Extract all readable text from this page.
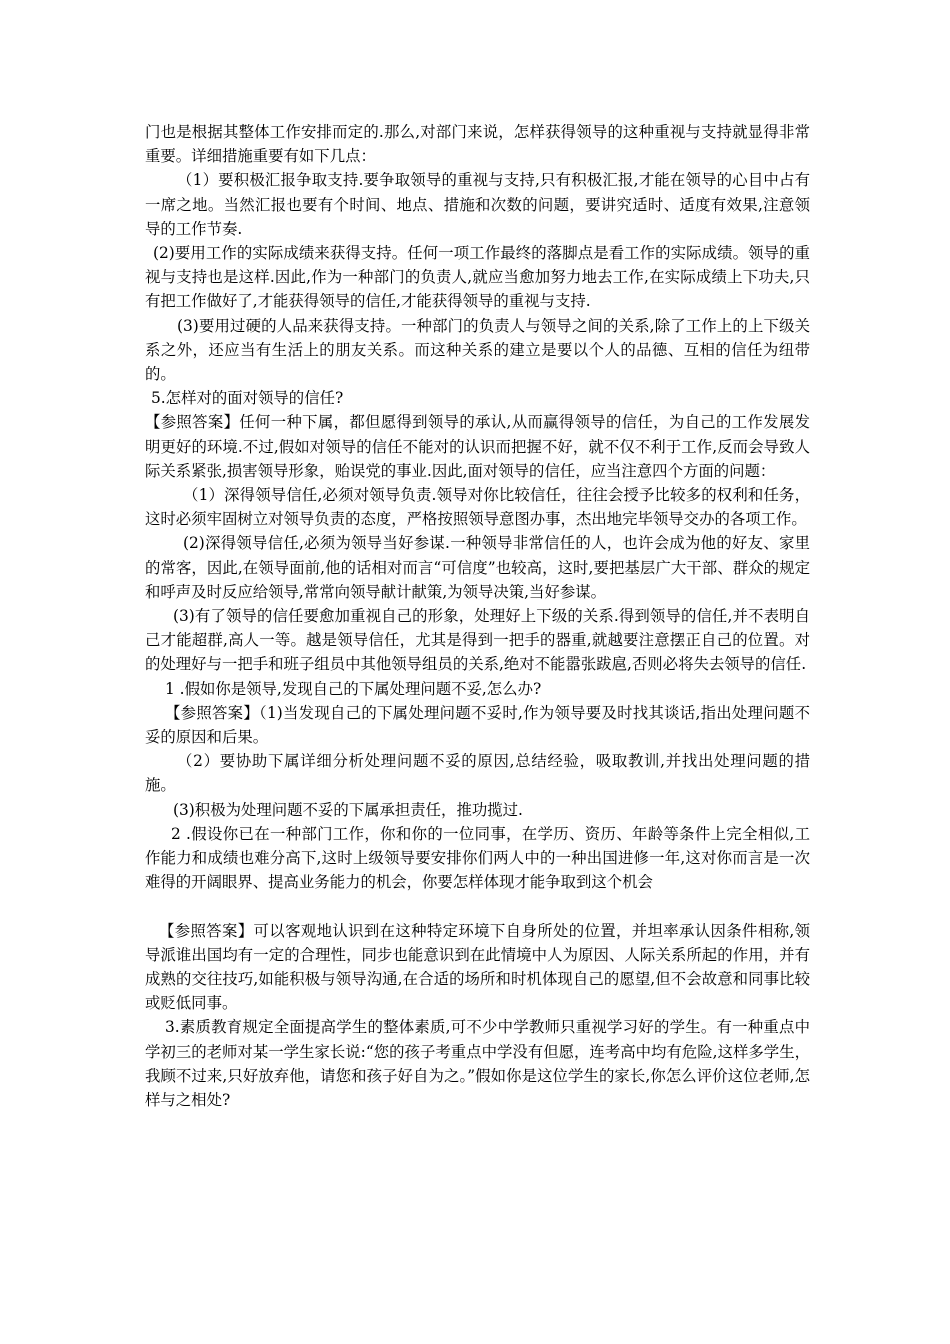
门也是根据其整体工作安排而定的.那么,对部门来说，怎样获得领导的这种重视与支持就显得非常重要。详细措施重要有如下几点：

（1）要积极汇报争取支持.要争取领导的重视与支持,只有积极汇报,才能在领导的心目中占有一席之地。当然汇报也要有个时间、地点、措施和次数的问题，要讲究适时、适度有效果,注意领导的工作节奏.

(2)要用工作的实际成绩来获得支持。任何一项工作最终的落脚点是看工作的实际成绩。领导的重视与支持也是这样.因此,作为一种部门的负责人,就应当愈加努力地去工作,在实际成绩上下功夫,只有把工作做好了,才能获得领导的信任,才能获得领导的重视与支持.

(3)要用过硬的人品来获得支持。一种部门的负责人与领导之间的关系,除了工作上的上下级关系之外，还应当有生活上的朋友关系。而这种关系的建立是要以个人的品德、互相的信任为纽带的。

5.怎样对的面对领导的信任?

【参照答案】任何一种下属，都但愿得到领导的承认,从而赢得领导的信任，为自己的工作发展发明更好的环境.不过,假如对领导的信任不能对的认识而把握不好，就不仅不利于工作,反而会导致人际关系紧张,损害领导形象，贻误党的事业.因此,面对领导的信任，应当注意四个方面的问题：

（1）深得领导信任,必须对领导负责.领导对你比较信任，往往会授予比较多的权利和任务，这时必须牢固树立对领导负责的态度，严格按照领导意图办事，杰出地完毕领导交办的各项工作。

(2)深得领导信任,必须为领导当好参谋.一种领导非常信任的人，也许会成为他的好友、家里的常客，因此,在领导面前,他的话相对而言“可信度”也较高，这时,要把基层广大干部、群众的规定和呼声及时反应给领导,常常向领导献计献策,为领导决策,当好参谋。

(3)有了领导的信任要愈加重视自己的形象，处理好上下级的关系.得到领导的信任,并不表明自己才能超群,高人一等。越是领导信任，尤其是得到一把手的器重,就越要注意摆正自己的位置。对的处理好与一把手和班子组员中其他领导组员的关系,绝对不能嚣张跋扈,否则必将失去领导的信任.

1 .假如你是领导,发现自己的下属处理问题不妥,怎么办?

【参照答案】（1)当发现自己的下属处理问题不妥时,作为领导要及时找其谈话,指出处理问题不妥的原因和后果。

（2）要协助下属详细分析处理问题不妥的原因,总结经验，吸取教训,并找出处理问题的措施。

(3)积极为处理问题不妥的下属承担责任，推功揽过.

2 .假设你已在一种部门工作，你和你的一位同事，在学历、资历、年龄等条件上完全相似,工作能力和成绩也难分高下,这时上级领导要安排你们两人中的一种出国进修一年,这对你而言是一次难得的开阔眼界、提高业务能力的机会，你要怎样体现才能争取到这个机会

【参照答案】可以客观地认识到在这种特定环境下自身所处的位置，并坦率承认因条件相称,领导派谁出国均有一定的合理性，同步也能意识到在此情境中人为原因、人际关系所起的作用，并有成熟的交往技巧,如能积极与领导沟通,在合适的场所和时机体现自己的愿望,但不会故意和同事比较或贬低同事。

3.素质教育规定全面提高学生的整体素质,可不少中学教师只重视学习好的学生。有一种重点中学初三的老师对某一学生家长说:“您的孩子考重点中学没有但愿，连考高中均有危险,这样多学生，我顾不过来,只好放弃他，请您和孩子好自为之。”假如你是这位学生的家长,你怎么评价这位老师,怎样与之相处?
